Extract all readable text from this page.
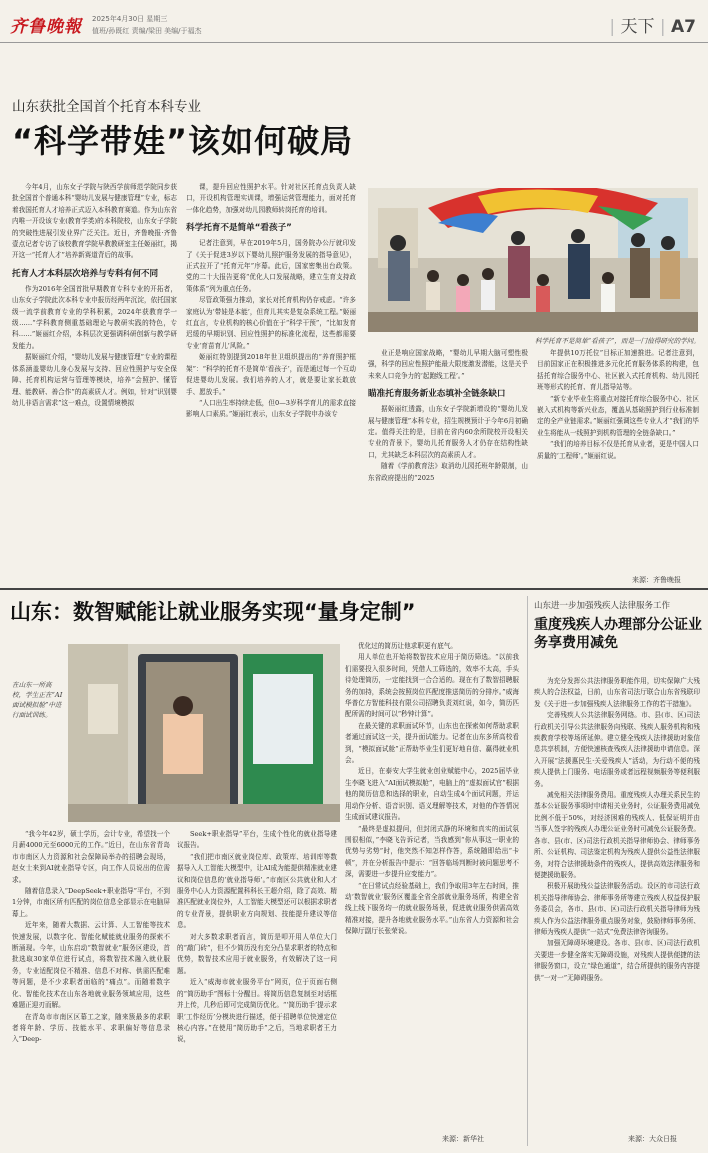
齐鲁晚報 2025年4月30日 星期三
值班/孙既红 责编/梁田 美编/于福杰	| 天下 | A7
山东获批全国首个托育本科专业
“科学带娃”该如何破局

今年4月，山东女子学院与陕西学前师范学院同步获批全国首个普通本科“婴幼儿发展与健康管理”专业，标志着我国托育人才培养正式迈入本科教育赛道。作为山东省内唯一开设该专业(教育学类)的本科院校，山东女子学院的突破性进展引发业界广泛关注。近日，齐鲁晚报·齐鲁壹点记者专访了该校教育学院早教教研室主任姬丽红，揭开这一“托育人才”培养新赛道背后的故事。

托育人才本科层次培养与专科有何不同

作为2016年全国首批早期教育专科专业的开拓者，山东女子学院此次本科专业申报历经两年沉淀，依托国家级一流学前教育专业的学科积累，2024年获教育学一级……“学科教育侧重基础理论与教研实践的特色，专科……”姬丽红介绍，本科层次更强调科研创新与教学研发能力。

据姬丽红介绍，“婴幼儿发展与健康管理”专业的课程体系涵盖婴幼儿身心发展与支持、回应性照护与安全保障、托育机构运营与管理等模块，培养“会照护、懂管理、能教研、善合作”的高素质人才。例如，针对“识别婴幼儿非语言需求”这一难点，设置情境模拟

课，提升回应性照护水平。针对社区托育点负责人缺口，开设机构管理实训课，增强运营管理能力，面对托育一体化趋势，加强对幼儿园教师转岗托育的培训。

科学托育不是简单“看孩子”

记者注意到，早在2019年5月，国务院办公厅就印发了《关于促进3岁以下婴幼儿照护服务发展的指导意见》，正式拉开了“托育元年”序幕。此后，国家密集出台政策。党的二十大报告更将“优化人口发展战略，建立生育支持政策体系”列为重点任务。

尽管政策强力推动，家长对托育机构仍存戒虑。“许多家庭认为‘带娃是本能’，但育儿其实是复杂系统工程。”姬丽红直言，专业机构的核心价值在于“科学干预”，“比如发育迟缓的早期识别、回应性照护的标准化流程，这些都需要专业‘育苗育儿’风险。”

姬丽红特别提到2018年世卫组织提出的“养育照护框架”：“科学的托育不是简单‘看孩子’，而是通过每一个互动促进婴幼儿发展。我们培养的人才，就是要让家长敢放手、愿放手。”

“人口出生率持续走低，但0—3岁科学育儿的需求直接影响人口素质。”姬丽红表示，山东女子学院申办该专

科学托育不是简单“看孩子”，而是一门值得研究的学问。

业正是响应国家战略，“婴幼儿早期大脑可塑性极强，科学的回应性照护能最大限度激发潜能，这是关乎未来人口竞争力的‘起跑线工程’。”

瞄准托育服务新业态填补全链条缺口

据姬丽红透露，山东女子学院新增设的“婴幼儿发展与健康管理”本科专业，招生规模预计于今年6月初确定。值得关注的是，目前在省内60余所院校开设相关专业的背景下，婴幼儿托育服务人才仍存在结构性缺口，尤其缺乏本科层次的高素质人才。

随着《学前教育法》取消幼儿园托班年龄限制，山东省政府提出的“2025

年提供10万托位”目标正加速推进。记者注意到，目前国家正在积极推进多元化托育服务体系的构建，包括托育综合服务中心、社区嵌入式托育机构、幼儿园托班等形式的托育、育儿指导站等。

“新专业毕业生将重点对接托育综合服务中心、社区嵌入式机构等新兴业态，覆盖从基础照护到行业标准制定的全产业链需求。”姬丽红强调这些专业人才“我们的毕业生将能从一线照护到机构管理的全链条缺口。”

“我们的培养目标不仅是托育从业者，更是中国人口质量的‘工程师’。”姬丽红说。

来源：齐鲁晚报
山东：数智赋能让就业服务实现“量身定制”
在山东一所高校，学生正在“AI面试模拟舱”中进行面试训练。

“我今年42岁，硕士学历，会计专业，希望找一个月薪4000元至6000元的工作。”近日，在山东省青岛市市南区人力资源和社会保障局举办的招聘会现场，赵女士来到AI就业指导专区，向工作人员说出的位需求。

随着信息录入“DeepSeek+职业指导”平台，不到1分钟，市南区所有匹配的岗位信息全部显示在电脑屏幕上。

近年来，随着大数据、云计算、人工智能等技术快速发展，以数字化、智能化赋能就业服务的探索不断涌现。今年，山东启动“数智就业”服务区建设，首批选取30家单位进行试点，将数智技术融入就业服务，专业适配岗位不精准、信息不对称、供需匹配难等问题，是不少求职者面临的“痛点”。而随着数字化、智能化技术在山东各地就业服务领域应用，这些难题正迎刃而解。

在青岛市市南区区幕工之家，随来簇最多的求职者将年龄、学历、技能水平、求职偏好等信息录入“Deep-

Seek+职业指导”平台，生成个性化的就业指导建议报告。

“我们把市南区就业岗位库、政策库、培训库等数据导入人工智能大模型中，让AI成为能提供精准就业建议和岗位信息的‘就业指导师’。”市南区公共就业和人才服务中心人力资源配置科科长王超介绍，除了高效、精准匹配就业岗位外，人工智能大模型还可以根据求职者的专业背景，提供职业方向规划、技能提升建议等信息。

对大多数求职者而言，简历是叩开用人单位大门的“敲门砖”，但不少简历没有充分凸显求职者的特点和优势，数智技术应用于就业服务，有效解决了这一问题。

近入“威海市就业服务平台”网页，位于页面右侧的“简历助手”图标十分醒目。将简历信息复制至对话框并上传，几秒后即可完成简历优化。“‘简历助手’提示求职‘工作经历’分模块进行描述，便于招聘单位快速定位核心内容。”在使用“简历助手”之后，当地求职者王力说，

优化过的简历让他求职更有底气。

用人单位也开始将数智技术应用于简历筛选。“以前我们需要投入很多时间，凭借人工筛选的，效率不太高，手头待处理简历，一定能找到一合合适的。现在有了数智招聘服务的加持，系统会按照岗位匹配度推送简历的分排序。”威海华普亿方智能科技有限公司招聘负责刘红说，如今，简历匹配所需的时间可以“秒钟计算”。

在最关键的求职面试环节，山东也在探索如何帮助求职者通过面试这一关，提升面试能力。记者在山东多所高校看到，“模拟面试舱”正帮助毕业生们更好地自信、赢得就业机会。

近日，在泰安大学生就业创业赋能中心，2025届毕业生李晓飞进入“AI面试模拟舱”，电脑上的“虚拟面试官”根据他的简历信息和选择的职业，自动生成4个面试问题，并运用动作分析、语音识别、语义理解等技术，对他的作答情况生成面试建议报告。

“最终是虚拟提问，但封闭式静的环境和真实的面试氛围很相似，”李晓飞告诉记者，当我感到“你从事这一职业的优势与劣势”时，他突然不知怎样作答，系统随即给出“卡顿”，并在分析报告中提示：“回答临场判断时被问题思考不深，需要进一步提升应变能力”。

“在日常试点经验基础上，我们争取用3年左右时间，推动‘数智就业’服务区覆盖全省全部就业服务场所，构建全省线上线下服务均一的就业服务场景，促进就业服务供需高效精准对接，提升各地就业服务水平。”山东省人力资源和社会保障厅副厅长张荣说。

来源：新华社
山东进一步加强残疾人法律服务工作
重度残疾人办理部分公证业务享费用减免

为充分发挥公共法律服务职能作用，切实保障广大残疾人的合法权益，日前，山东省司法厅联合山东省残联印发《关于进一步加强残疾人法律服务工作的若干措施》。

完善残疾人公共法律服务网络。市、县(市、区)司法行政机关引导公共法律服务向残联、残疾人服务机构和残疾教育学校等场所延伸。建立健全残疾人法律援助对象信息共享机制，方便快速核查残疾人法律援助申请信息。深入开展“法援惠民生·关爱残疾人”活动，为行动不便的残疾人提供上门服务、电话服务或者远程视频服务等便利服务。

减免相关法律服务费用。重度残疾人办理关系民生的基本公证服务事项时申请相关业务时，公证服务费用减免比例不低于50%，对经济困难的残疾人、低保证明并由当事人签字的残疾人办理公证业务时可减免公证服务费。各市、县(市、区)司法行政机关指导律师协会、律师事务所、公证机构、司法鉴定机构为残疾人提供公益性法律服务，对符合法律援助条件的残疾人，提供高效法律服务和便捷援助服务。

积极开展助残公益法律服务活动。设区的市司法行政机关指导律师协会、律师事务所等建立残疾人权益保护服务委员会，各市、县(市、区)司法行政机关指导律师为残疾人作为公益法律服务重点服务对象，鼓励律师事务所、律师为残疾人提供“一站式”免费法律咨询服务。

加强无障碍环境建设。各市、县(市、区)司法行政机关要进一步健全落实无障碍设施，对残疾人提供便捷的法律服务窗口，设立“绿色通道”，结合所提供的服务内容提供“一对一”无障碍服务。

来源：大众日报
